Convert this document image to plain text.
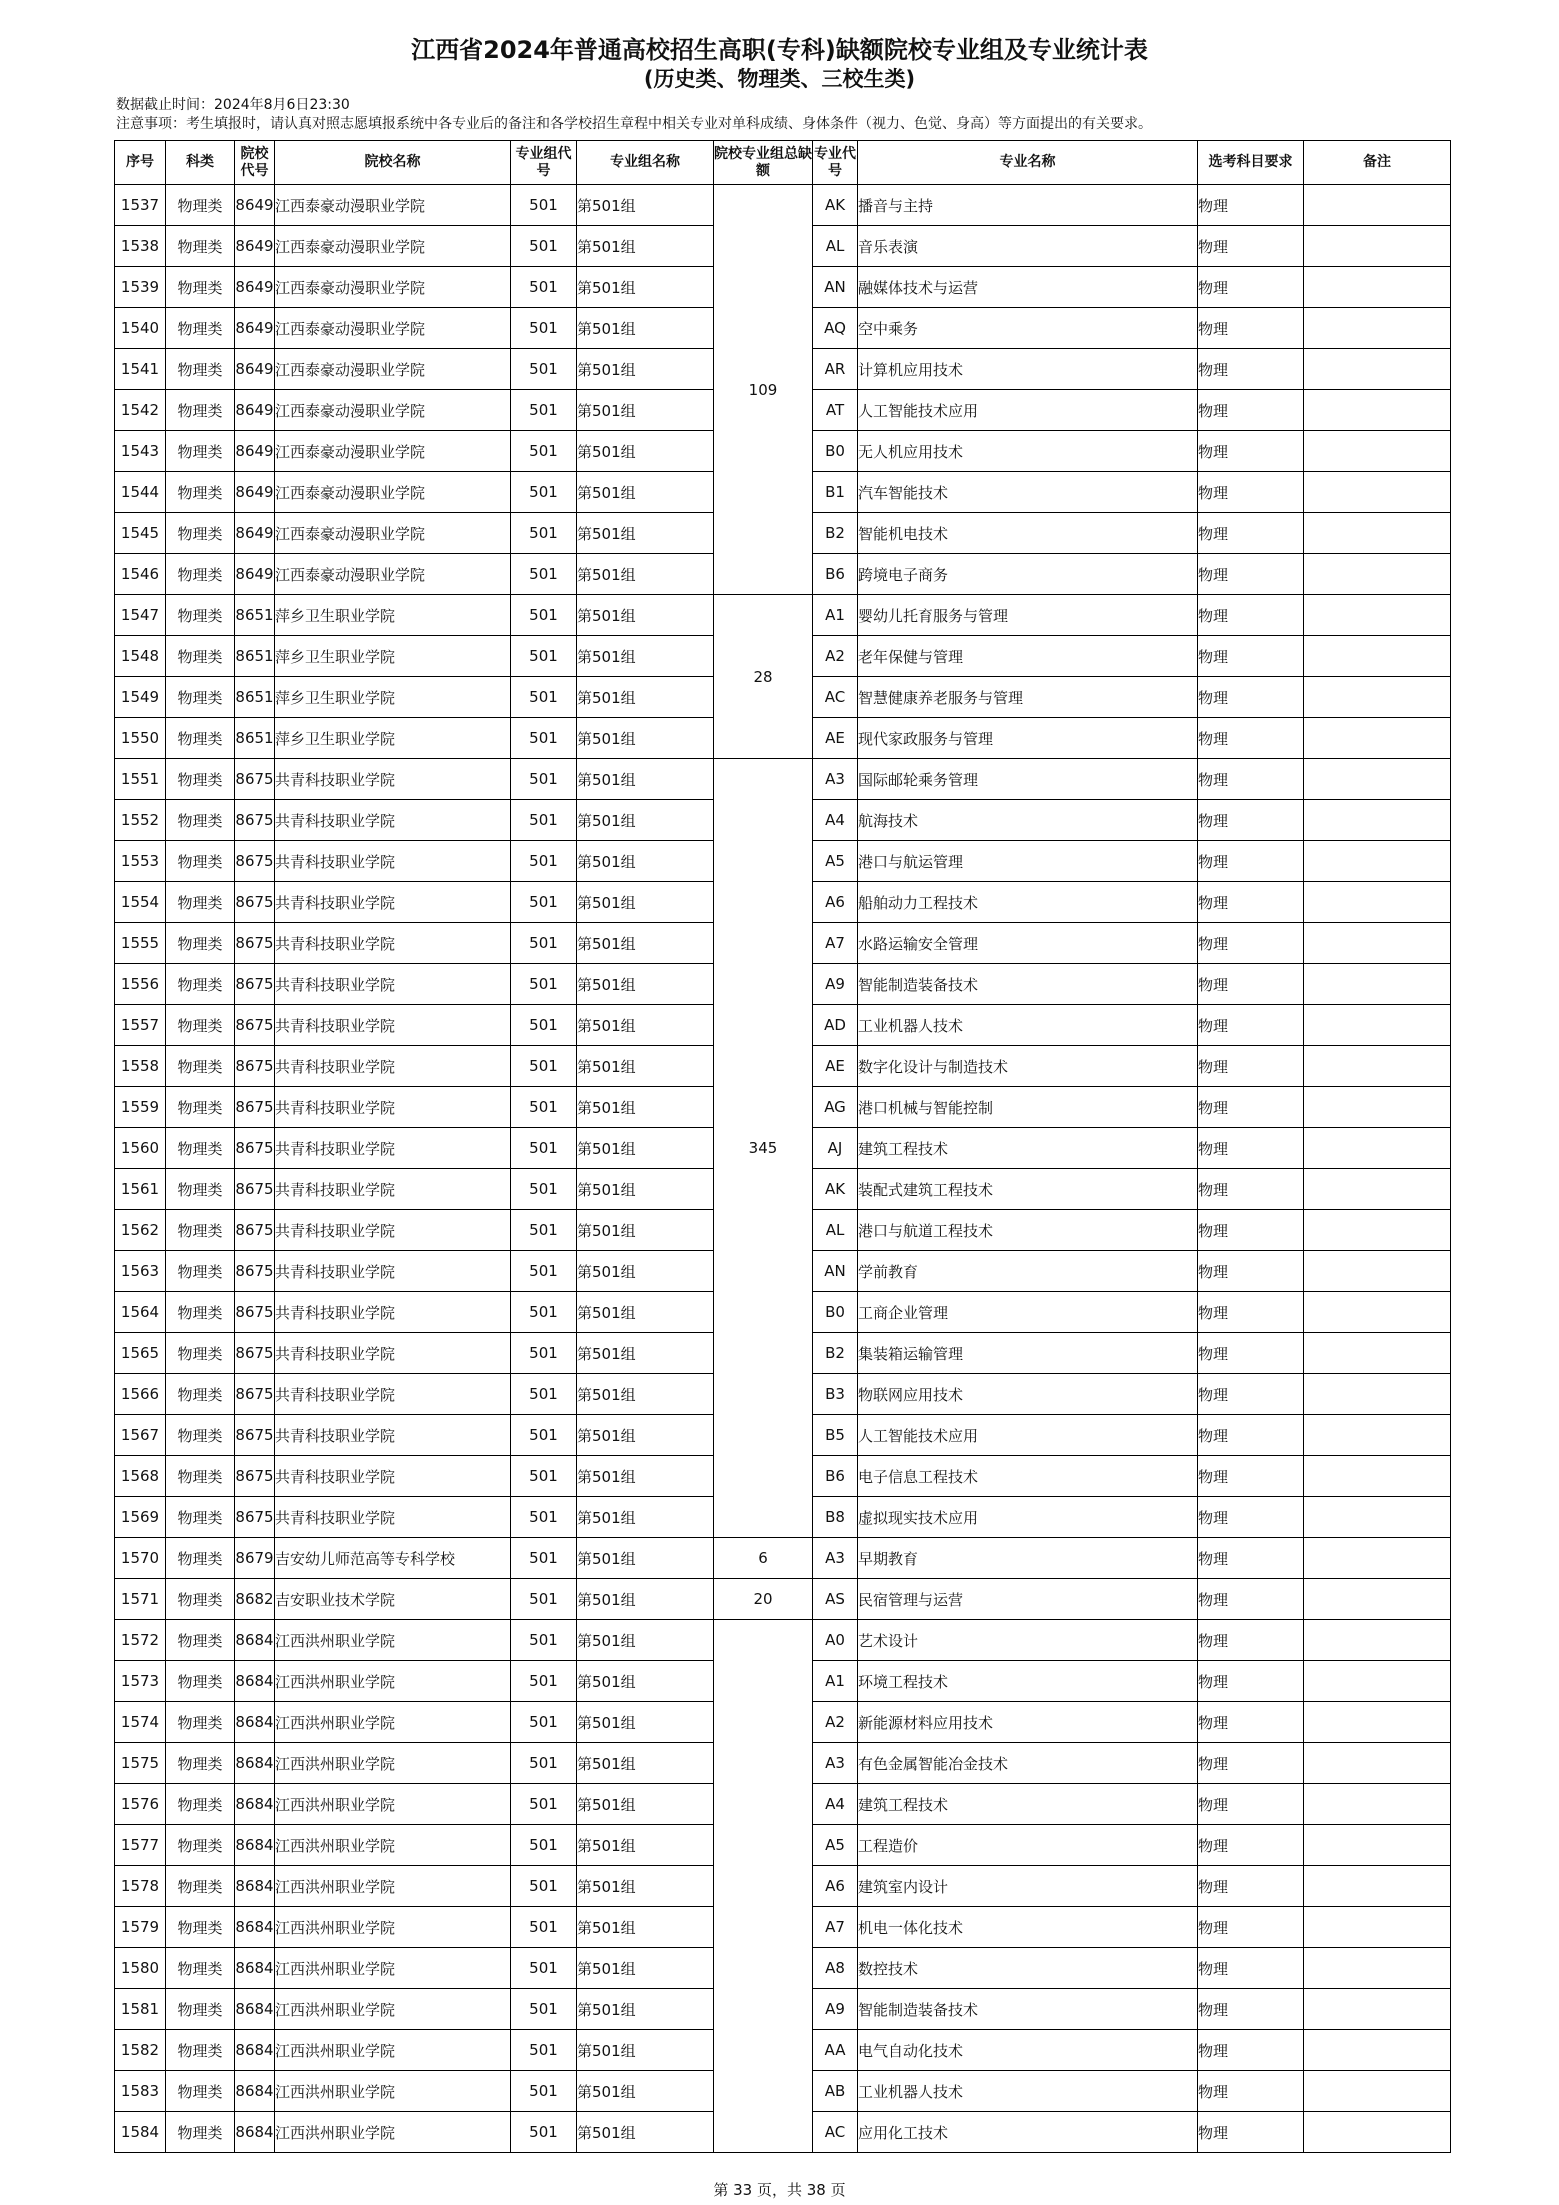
江西省2024年普通高校招生高职(专科)缺额院校专业组及专业统计表
(历史类、物理类、三校生类)
数据截止时间：2024年8月6日23:30
注意事项：考生填报时，请认真对照志愿填报系统中各专业后的备注和各学校招生章程中相关专业对单科成绩、身体条件（视力、色觉、身高）等方面提出的有关要求。
序号	科类	院校代号	院校名称	专业组代号	专业组名称	院校专业组总缺额	专业代号	专业名称	选考科目要求	备注
1537	物理类	8649	江西泰豪动漫职业学院	501	第501组	109	AK	播音与主持	物理	
1538	物理类	8649	江西泰豪动漫职业学院	501	第501组		AL	音乐表演	物理	
1539	物理类	8649	江西泰豪动漫职业学院	501	第501组		AN	融媒体技术与运营	物理	
1540	物理类	8649	江西泰豪动漫职业学院	501	第501组		AQ	空中乘务	物理	
1541	物理类	8649	江西泰豪动漫职业学院	501	第501组		AR	计算机应用技术	物理	
1542	物理类	8649	江西泰豪动漫职业学院	501	第501组		AT	人工智能技术应用	物理	
1543	物理类	8649	江西泰豪动漫职业学院	501	第501组		B0	无人机应用技术	物理	
1544	物理类	8649	江西泰豪动漫职业学院	501	第501组		B1	汽车智能技术	物理	
1545	物理类	8649	江西泰豪动漫职业学院	501	第501组		B2	智能机电技术	物理	
1546	物理类	8649	江西泰豪动漫职业学院	501	第501组		B6	跨境电子商务	物理	
1547	物理类	8651	萍乡卫生职业学院	501	第501组	28	A1	婴幼儿托育服务与管理	物理	
1548	物理类	8651	萍乡卫生职业学院	501	第501组		A2	老年保健与管理	物理	
1549	物理类	8651	萍乡卫生职业学院	501	第501组		AC	智慧健康养老服务与管理	物理	
1550	物理类	8651	萍乡卫生职业学院	501	第501组		AE	现代家政服务与管理	物理	
1551	物理类	8675	共青科技职业学院	501	第501组	345	A3	国际邮轮乘务管理	物理	
1552	物理类	8675	共青科技职业学院	501	第501组		A4	航海技术	物理	
1553	物理类	8675	共青科技职业学院	501	第501组		A5	港口与航运管理	物理	
1554	物理类	8675	共青科技职业学院	501	第501组		A6	船舶动力工程技术	物理	
1555	物理类	8675	共青科技职业学院	501	第501组		A7	水路运输安全管理	物理	
1556	物理类	8675	共青科技职业学院	501	第501组		A9	智能制造装备技术	物理	
1557	物理类	8675	共青科技职业学院	501	第501组		AD	工业机器人技术	物理	
1558	物理类	8675	共青科技职业学院	501	第501组		AE	数字化设计与制造技术	物理	
1559	物理类	8675	共青科技职业学院	501	第501组		AG	港口机械与智能控制	物理	
1560	物理类	8675	共青科技职业学院	501	第501组		AJ	建筑工程技术	物理	
1561	物理类	8675	共青科技职业学院	501	第501组		AK	装配式建筑工程技术	物理	
1562	物理类	8675	共青科技职业学院	501	第501组		AL	港口与航道工程技术	物理	
1563	物理类	8675	共青科技职业学院	501	第501组		AN	学前教育	物理	
1564	物理类	8675	共青科技职业学院	501	第501组		B0	工商企业管理	物理	
1565	物理类	8675	共青科技职业学院	501	第501组		B2	集装箱运输管理	物理	
1566	物理类	8675	共青科技职业学院	501	第501组		B3	物联网应用技术	物理	
1567	物理类	8675	共青科技职业学院	501	第501组		B5	人工智能技术应用	物理	
1568	物理类	8675	共青科技职业学院	501	第501组		B6	电子信息工程技术	物理	
1569	物理类	8675	共青科技职业学院	501	第501组		B8	虚拟现实技术应用	物理	
1570	物理类	8679	吉安幼儿师范高等专科学校	501	第501组	6	A3	早期教育	物理	
1571	物理类	8682	吉安职业技术学院	501	第501组	20	AS	民宿管理与运营	物理	
1572	物理类	8684	江西洪州职业学院	501	第501组		A0	艺术设计	物理	
1573	物理类	8684	江西洪州职业学院	501	第501组		A1	环境工程技术	物理	
1574	物理类	8684	江西洪州职业学院	501	第501组		A2	新能源材料应用技术	物理	
1575	物理类	8684	江西洪州职业学院	501	第501组		A3	有色金属智能冶金技术	物理	
1576	物理类	8684	江西洪州职业学院	501	第501组		A4	建筑工程技术	物理	
1577	物理类	8684	江西洪州职业学院	501	第501组		A5	工程造价	物理	
1578	物理类	8684	江西洪州职业学院	501	第501组		A6	建筑室内设计	物理	
1579	物理类	8684	江西洪州职业学院	501	第501组		A7	机电一体化技术	物理	
1580	物理类	8684	江西洪州职业学院	501	第501组		A8	数控技术	物理	
1581	物理类	8684	江西洪州职业学院	501	第501组		A9	智能制造装备技术	物理	
1582	物理类	8684	江西洪州职业学院	501	第501组		AA	电气自动化技术	物理	
1583	物理类	8684	江西洪州职业学院	501	第501组		AB	工业机器人技术	物理	
1584	物理类	8684	江西洪州职业学院	501	第501组		AC	应用化工技术	物理	
第 33 页，共 38 页
